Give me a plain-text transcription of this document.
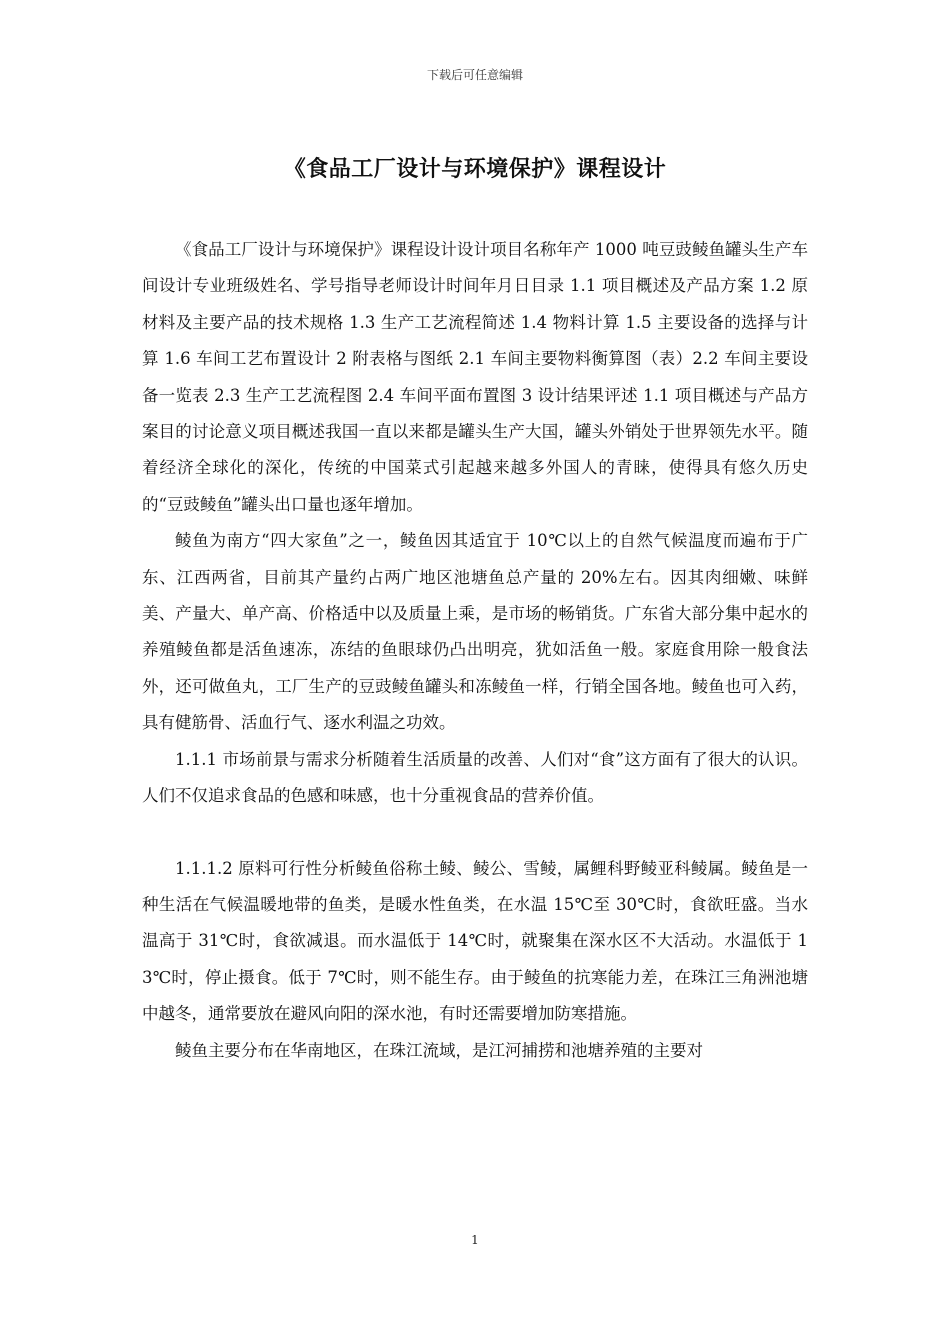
下载后可任意编辑
《食品工厂设计与环境保护》课程设计

《食品工厂设计与环境保护》课程设计设计项目名称年产 1000 吨豆豉鲮鱼罐头生产车间设计专业班级姓名、学号指导老师设计时间年月日目录 1.1 项目概述及产品方案 1.2 原材料及主要产品的技术规格 1.3 生产工艺流程简述 1.4 物料计算 1.5 主要设备的选择与计算 1.6 车间工艺布置设计 2 附表格与图纸 2.1 车间主要物料衡算图（表）2.2 车间主要设备一览表 2.3 生产工艺流程图 2.4 车间平面布置图 3 设计结果评述 1.1 项目概述与产品方案目的讨论意义项目概述我国一直以来都是罐头生产大国，罐头外销处于世界领先水平。随着经济全球化的深化，传统的中国菜式引起越来越多外国人的青睐，使得具有悠久历史的“豆豉鲮鱼”罐头出口量也逐年增加。

鲮鱼为南方“四大家鱼”之一，鲮鱼因其适宜于 10℃以上的自然气候温度而遍布于广东、江西两省，目前其产量约占两广地区池塘鱼总产量的 20%左右。因其肉细嫩、味鲜美、产量大、单产高、价格适中以及质量上乘，是市场的畅销货。广东省大部分集中起水的养殖鲮鱼都是活鱼速冻，冻结的鱼眼球仍凸出明亮，犹如活鱼一般。家庭食用除一般食法外，还可做鱼丸，工厂生产的豆豉鲮鱼罐头和冻鲮鱼一样，行销全国各地。鲮鱼也可入药，具有健筋骨、活血行气、逐水利温之功效。

1.1.1 市场前景与需求分析随着生活质量的改善、人们对“食”这方面有了很大的认识。人们不仅追求食品的色感和味感，也十分重视食品的营养价值。

1.1.1.2 原料可行性分析鲮鱼俗称土鲮、鲮公、雪鲮，属鲤科野鲮亚科鲮属。鲮鱼是一种生活在气候温暖地带的鱼类，是暖水性鱼类，在水温 15℃至 30℃时，食欲旺盛。当水温高于 31℃时，食欲减退。而水温低于 14℃时，就聚集在深水区不大活动。水温低于 13℃时，停止摄食。低于 7℃时，则不能生存。由于鲮鱼的抗寒能力差，在珠江三角洲池塘中越冬，通常要放在避风向阳的深水池，有时还需要增加防寒措施。

鲮鱼主要分布在华南地区，在珠江流域，是江河捕捞和池塘养殖的主要对

1
